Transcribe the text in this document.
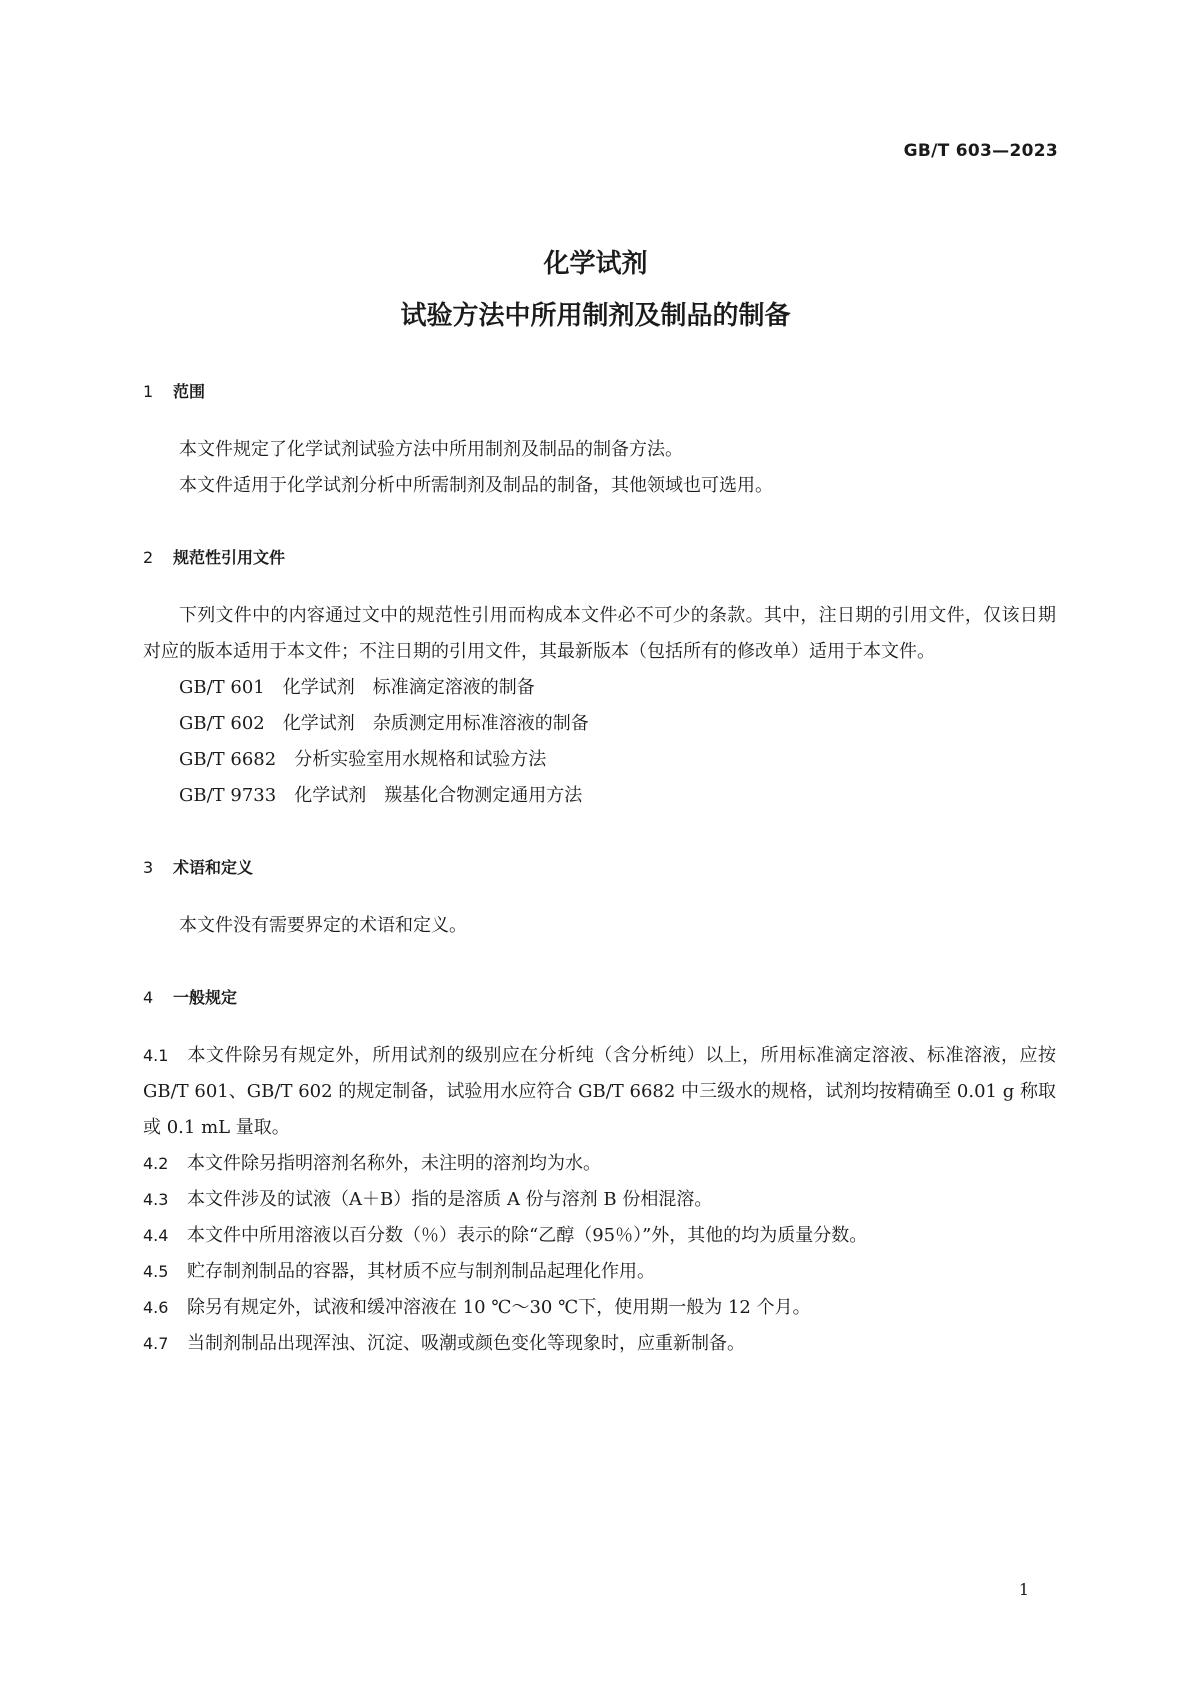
GB/T 603—2023
化学试剂
试验方法中所用制剂及制品的制备
1	范围

本文件规定了化学试剂试验方法中所用制剂及制品的制备方法。

本文件适用于化学试剂分析中所需制剂及制品的制备，其他领域也可选用。

2	规范性引用文件

下列文件中的内容通过文中的规范性引用而构成本文件必不可少的条款。其中，注日期的引用文件，仅该日期对应的版本适用于本文件；不注日期的引用文件，其最新版本（包括所有的修改单）适用于本文件。

GB/T 601 化学试剂　标准滴定溶液的制备
GB/T 602 化学试剂　杂质测定用标准溶液的制备
GB/T 6682 分析实验室用水规格和试验方法
GB/T 9733 化学试剂　羰基化合物测定通用方法
3	术语和定义

本文件没有需要界定的术语和定义。

4	一般规定

4.1 本文件除另有规定外，所用试剂的级别应在分析纯（含分析纯）以上，所用标准滴定溶液、标准溶液，应按 GB/T 601、GB/T 602 的规定制备，试验用水应符合 GB/T 6682 中三级水的规格，试剂均按精确至 0.01 g 称取或 0.1 mL 量取。

4.2 本文件除另指明溶剂名称外，未注明的溶剂均为水。

4.3 本文件涉及的试液（A＋B）指的是溶质 A 份与溶剂 B 份相混溶。

4.4 本文件中所用溶液以百分数（％）表示的除“乙醇（95％）”外，其他的均为质量分数。

4.5 贮存制剂制品的容器，其材质不应与制剂制品起理化作用。

4.6 除另有规定外，试液和缓冲溶液在 10 ℃～30 ℃下，使用期一般为 12 个月。

4.7 当制剂制品出现浑浊、沉淀、吸潮或颜色变化等现象时，应重新制备。

1
